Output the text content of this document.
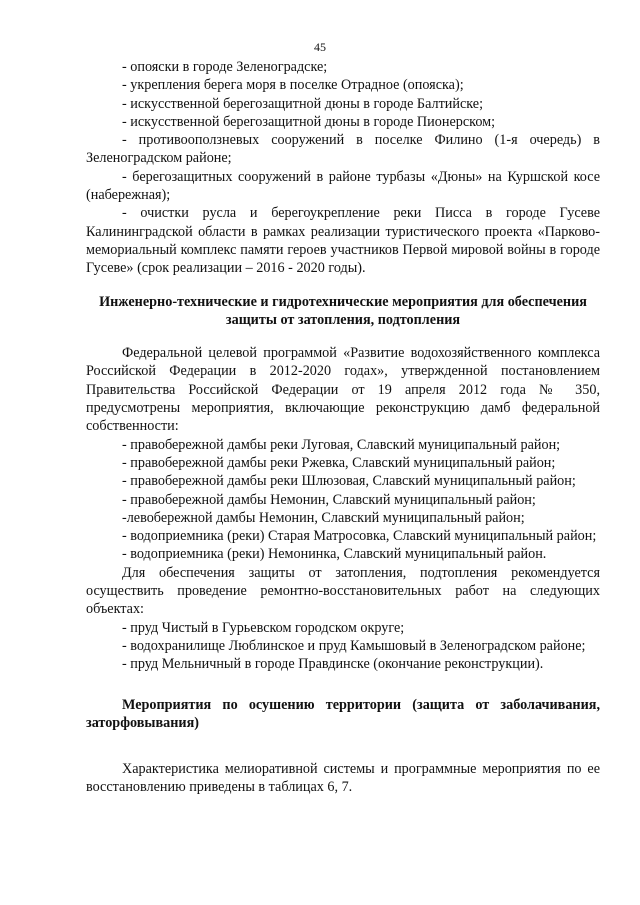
45

- опояски в городе Зеленоградске;

- укрепления берега моря в поселке Отрадное (опояска);

- искусственной берегозащитной дюны в городе Балтийске;

- искусственной берегозащитной дюны в городе Пионерском;

- противооползневых сооружений в поселке Филино (1-я очередь) в Зеленоградском районе;

- берегозащитных сооружений в районе турбазы «Дюны» на Куршской косе (набережная);

- очистки русла и берегоукрепление реки Писса в городе Гусеве Калининградской области в рамках реализации туристического проекта «Парково-мемориальный комплекс памяти героев участников Первой мировой войны в городе Гусеве» (срок реализации – 2016 - 2020 годы).

Инженерно-технические и гидротехнические мероприятия для обеспечения защиты от затопления, подтопления

Федеральной целевой программой «Развитие водохозяйственного комплекса Российской Федерации в 2012-2020 годах», утвержденной постановлением Правительства Российской Федерации от 19 апреля 2012 года № 350, предусмотрены мероприятия, включающие реконструкцию дамб федеральной собственности:

- правобережной дамбы реки Луговая, Славский муниципальный район;

- правобережной дамбы реки Ржевка, Славский муниципальный район;

- правобережной дамбы реки Шлюзовая, Славский муниципальный район;

- правобережной дамбы Немонин, Славский муниципальный район;

-левобережной дамбы Немонин, Славский муниципальный район;

- водоприемника (реки) Старая Матросовка, Славский муниципальный район;

- водоприемника (реки) Немонинка, Славский муниципальный район.

Для обеспечения защиты от затопления, подтопления рекомендуется осуществить проведение ремонтно-восстановительных работ на следующих объектах:

- пруд Чистый в Гурьевском городском округе;

- водохранилище Люблинское и пруд Камышовый в Зеленоградском районе;

- пруд Мельничный в городе Правдинске (окончание реконструкции).

Мероприятия по осушению территории (защита от заболачивания, заторфовывания)

Характеристика мелиоративной системы и программные мероприятия по ее восстановлению приведены в таблицах 6, 7.
